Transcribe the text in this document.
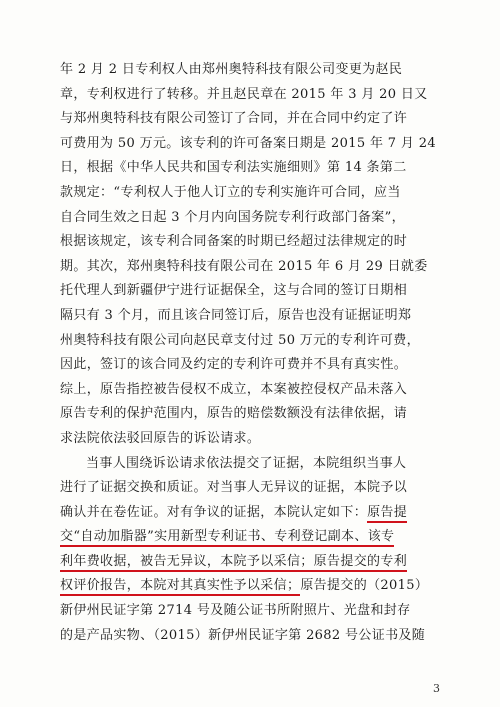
年 2 月 2 日专利权人由郑州奥特科技有限公司变更为赵民
章，专利权进行了转移。并且赵民章在 2015 年 3 月 20 日又
与郑州奥特科技有限公司签订了合同，并在合同中约定了许
可费用为 50 万元。该专利的许可备案日期是 2015 年 7 月 24
日，根据《中华人民共和国专利法实施细则》第 14 条第二
款规定：“专利权人于他人订立的专利实施许可合同，应当
自合同生效之日起 3 个月内向国务院专利行政部门备案”，
根据该规定，该专利合同备案的时期已经超过法律规定的时
期。其次，郑州奥特科技有限公司在 2015 年 6 月 29 日就委
托代理人到新疆伊宁进行证据保全，这与合同的签订日期相
隔只有 3 个月，而且该合同签订后，原告也没有证据证明郑
州奥特科技有限公司向赵民章支付过 50 万元的专利许可费，
因此，签订的该合同及约定的专利许可费并不具有真实性。
综上，原告指控被告侵权不成立，本案被控侵权产品未落入
原告专利的保护范围内，原告的赔偿数额没有法律依据，请
求法院依法驳回原告的诉讼请求。
当事人围绕诉讼请求依法提交了证据，本院组织当事人
进行了证据交换和质证。对当事人无异议的证据，本院予以
确认并在卷佐证。对有争议的证据，本院认定如下：原告提
交“自动加脂器”实用新型专利证书、专利登记副本、该专
利年费收据，被告无异议，本院予以采信；原告提交的专利
权评价报告，本院对其真实性予以采信；原告提交的（2015）
新伊州民证字第 2714 号及随公证书所附照片、光盘和封存
的是产品实物、（2015）新伊州民证字第 2682 号公证书及随
3
